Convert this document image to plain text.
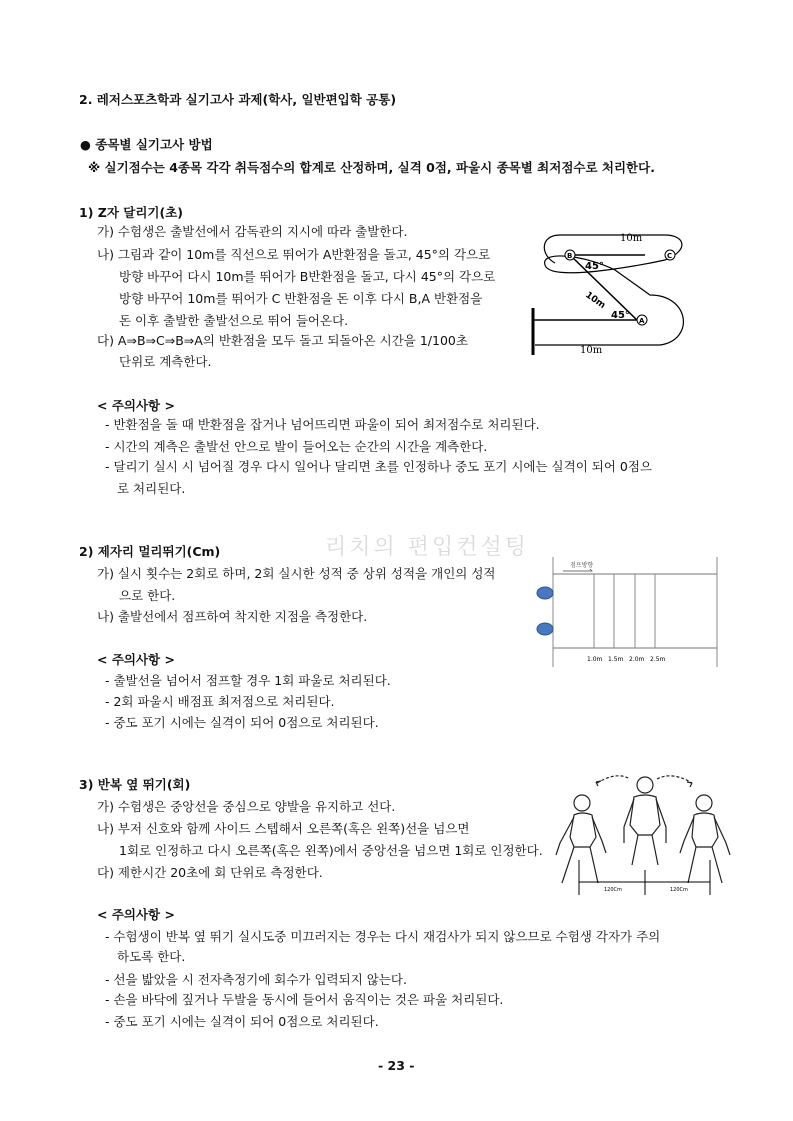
2. 레저스포츠학과 실기고사 과제(학사, 일반편입학 공통)
● 종목별 실기고사 방법
※ 실기점수는 4종목 각각 취득점수의 합계로 산정하며, 실격 0점, 파울시 종목별 최저점수로 처리한다.
1) Z자 달리기(초)
가) 수험생은 출발선에서 감독관의 지시에 따라 출발한다.
나) 그림과 같이 10m를 직선으로 뛰어가 A반환점을 돌고, 45°의 각으로
방향 바꾸어 다시 10m를 뛰어가 B반환점을 돌고, 다시 45°의 각으로
방향 바꾸어 10m를 뛰어가 C 반환점을 돈 이후 다시 B,A 반환점을
돈 이후 출발한 출발선으로 뛰어 들어온다.
다) A⇒B⇒C⇒B⇒A의 반환점을 모두 돌고 되돌아온 시간을 1/100초
단위로 계측한다.
< 주의사항 >
- 반환점을 돌 때 반환점을 잡거나 넘어뜨리면 파울이 되어 최저점수로 처리된다.
- 시간의 계측은 출발선 안으로 발이 들어오는 순간의 시간을 계측한다.
- 달리기 실시 시 넘어질 경우 다시 일어나 달리면 초를 인정하나 중도 포기 시에는 실격이 되어 0점으
로 처리된다.
B	C
A
10m
10m
10m
45°
45°
리치의 편입컨설팅
2) 제자리 멀리뛰기(Cm)
가) 실시 횟수는 2회로 하며, 2회 실시한 성적 중 상위 성적을 개인의 성적
으로 한다.
나) 출발선에서 점프하여 착지한 지점을 측정한다.
< 주의사항 >
- 출발선을 넘어서 점프할 경우 1회 파울로 처리된다.
- 2회 파울시 배점표 최저점으로 처리된다.
- 중도 포기 시에는 실격이 되어 0점으로 처리된다.
점프방향
1.0m 1.5m 2.0m 2.5m
3) 반복 옆 뛰기(회)
가) 수험생은 중앙선을 중심으로 양발을 유지하고 선다.
나) 부저 신호와 함께 사이드 스텝해서 오른쪽(혹은 왼쪽)선을 넘으면
1회로 인정하고 다시 오른쪽(혹은 왼쪽)에서 중앙선을 넘으면 1회로 인정한다.
다) 제한시간 20초에 회 단위로 측정한다.
< 주의사항 >
- 수험생이 반복 옆 뛰기 실시도중 미끄러지는 경우는 다시 재검사가 되지 않으므로 수험생 각자가 주의
하도록 한다.
- 선을 밟았을 시 전자측정기에 회수가 입력되지 않는다.
- 손을 바닥에 짚거나 두발을 동시에 들어서 움직이는 것은 파울 처리된다.
- 중도 포기 시에는 실격이 되어 0점으로 처리된다.
120Cm	120Cm
- 23 -
